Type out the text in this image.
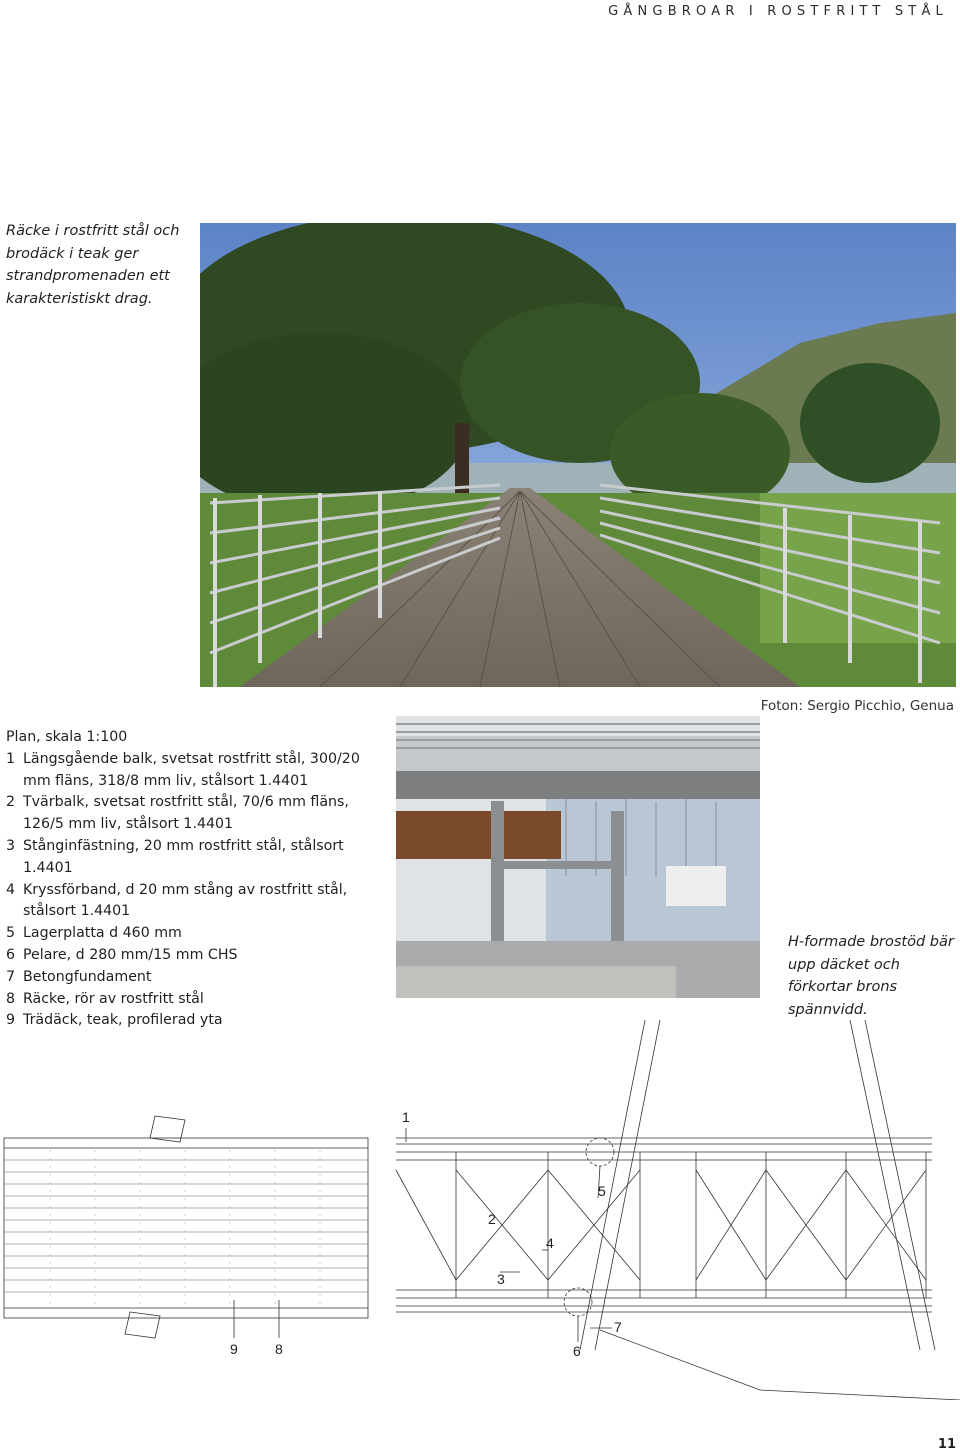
GÅNGBROAR I ROSTFRITT STÅL
Räcke i rostfritt stål och brodäck i teak ger strandpromenaden ett karakteristiskt drag.
Foton: Sergio Picchio, Genua
Plan, skala 1:100
1 Längsgående balk, svetsat rostfritt stål, 300/20 mm fläns, 318/8 mm liv, stålsort 1.4401
2 Tvärbalk, svetsat rostfritt stål, 70/6 mm fläns, 126/5 mm liv, stålsort 1.4401
3 Stånginfästning, 20 mm rostfritt stål, stålsort 1.4401
4 Kryssförband, d 20 mm stång av rostfritt stål, stålsort 1.4401
5 Lagerplatta d 460 mm
6 Pelare, d 280 mm/15 mm CHS
7 Betongfundament
8 Räcke, rör av rostfritt stål
9 Trädäck, teak, profilerad yta
H-formade brostöd bär upp däcket och förkortar brons spännvidd.
1
2
3
4
5
6
7
8
9
11
